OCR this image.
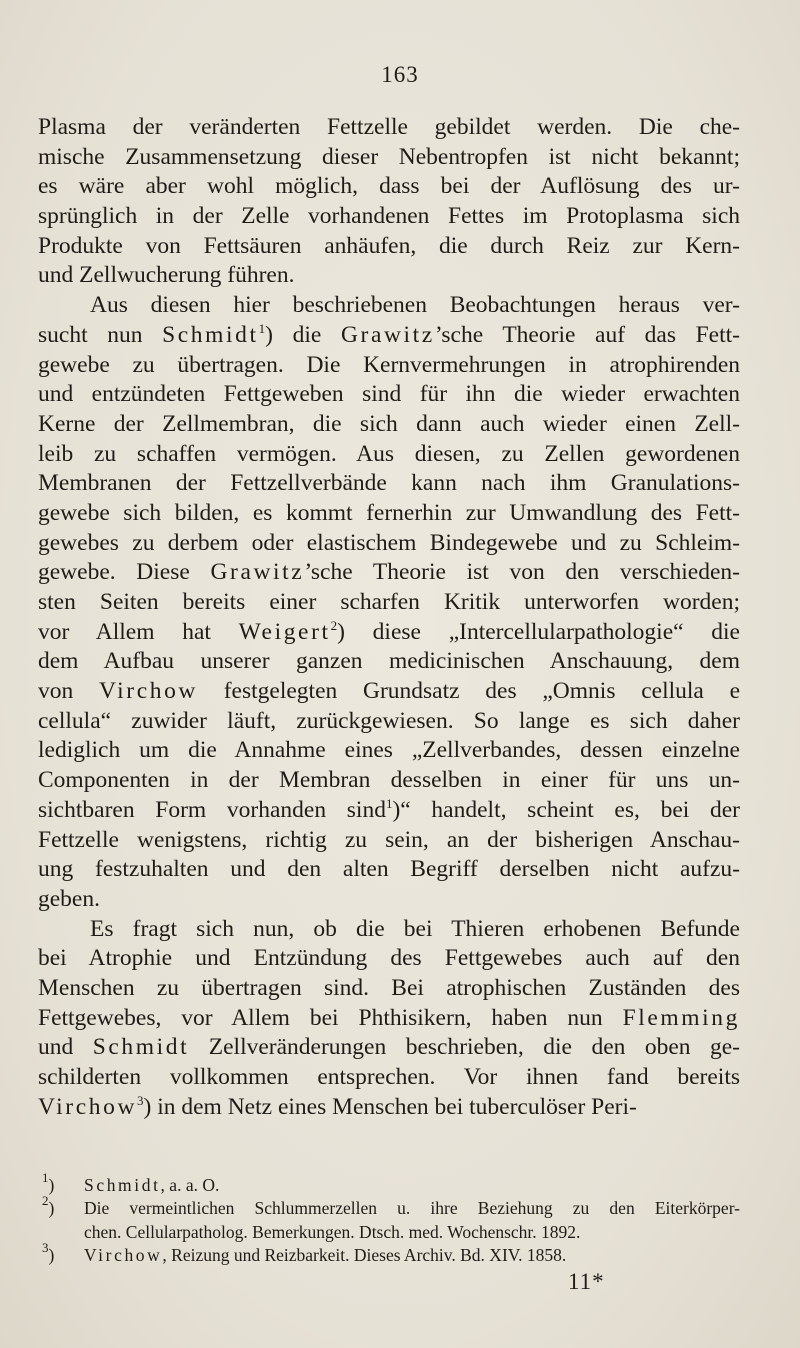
163
Plasma der veränderten Fettzelle gebildet werden. Die che-
mische Zusammensetzung dieser Nebentropfen ist nicht bekannt;
es wäre aber wohl möglich, dass bei der Auflösung des ur-
sprünglich in der Zelle vorhandenen Fettes im Protoplasma sich
Produkte von Fettsäuren anhäufen, die durch Reiz zur Kern-
und Zellwucherung führen.
Aus diesen hier beschriebenen Beobachtungen heraus ver-
sucht nun Schmidt$^1$) die Grawitz’sche Theorie auf das Fett-
gewebe zu übertragen. Die Kernvermehrungen in atrophirenden
und entzündeten Fettgeweben sind für ihn die wieder erwachten
Kerne der Zellmembran, die sich dann auch wieder einen Zell-
leib zu schaffen vermögen. Aus diesen, zu Zellen gewordenen
Membranen der Fettzellverbände kann nach ihm Granulations-
gewebe sich bilden, es kommt fernerhin zur Umwandlung des Fett-
gewebes zu derbem oder elastischem Bindegewebe und zu Schleim-
gewebe. Diese Grawitz’sche Theorie ist von den verschieden-
sten Seiten bereits einer scharfen Kritik unterworfen worden;
vor Allem hat Weigert$^2$) diese „Intercellularpathologie“ die
dem Aufbau unserer ganzen medicinischen Anschauung, dem
von Virchow festgelegten Grundsatz des „Omnis cellula e
cellula“ zuwider läuft, zurückgewiesen. So lange es sich daher
lediglich um die Annahme eines „Zellverbandes, dessen einzelne
Componenten in der Membran desselben in einer für uns un-
sichtbaren Form vorhanden sind$^1$)“ handelt, scheint es, bei der
Fettzelle wenigstens, richtig zu sein, an der bisherigen Anschau-
ung festzuhalten und den alten Begriff derselben nicht aufzu-
geben.
Es fragt sich nun, ob die bei Thieren erhobenen Befunde
bei Atrophie und Entzündung des Fettgewebes auch auf den
Menschen zu übertragen sind. Bei atrophischen Zuständen des
Fettgewebes, vor Allem bei Phthisikern, haben nun Flemming
und Schmidt Zellveränderungen beschrieben, die den oben ge-
schilderten vollkommen entsprechen. Vor ihnen fand bereits
Virchow$^3$) in dem Netz eines Menschen bei tuberculöser Peri-
$^1$) Schmidt, a. a. O.
$^2$) Die vermeintlichen Schlummerzellen u. ihre Beziehung zu den Eiterkörper-
chen. Cellularpatholog. Bemerkungen. Dtsch. med. Wochenschr. 1892.
$^3$) Virchow, Reizung und Reizbarkeit. Dieses Archiv. Bd. XIV. 1858.
11*
